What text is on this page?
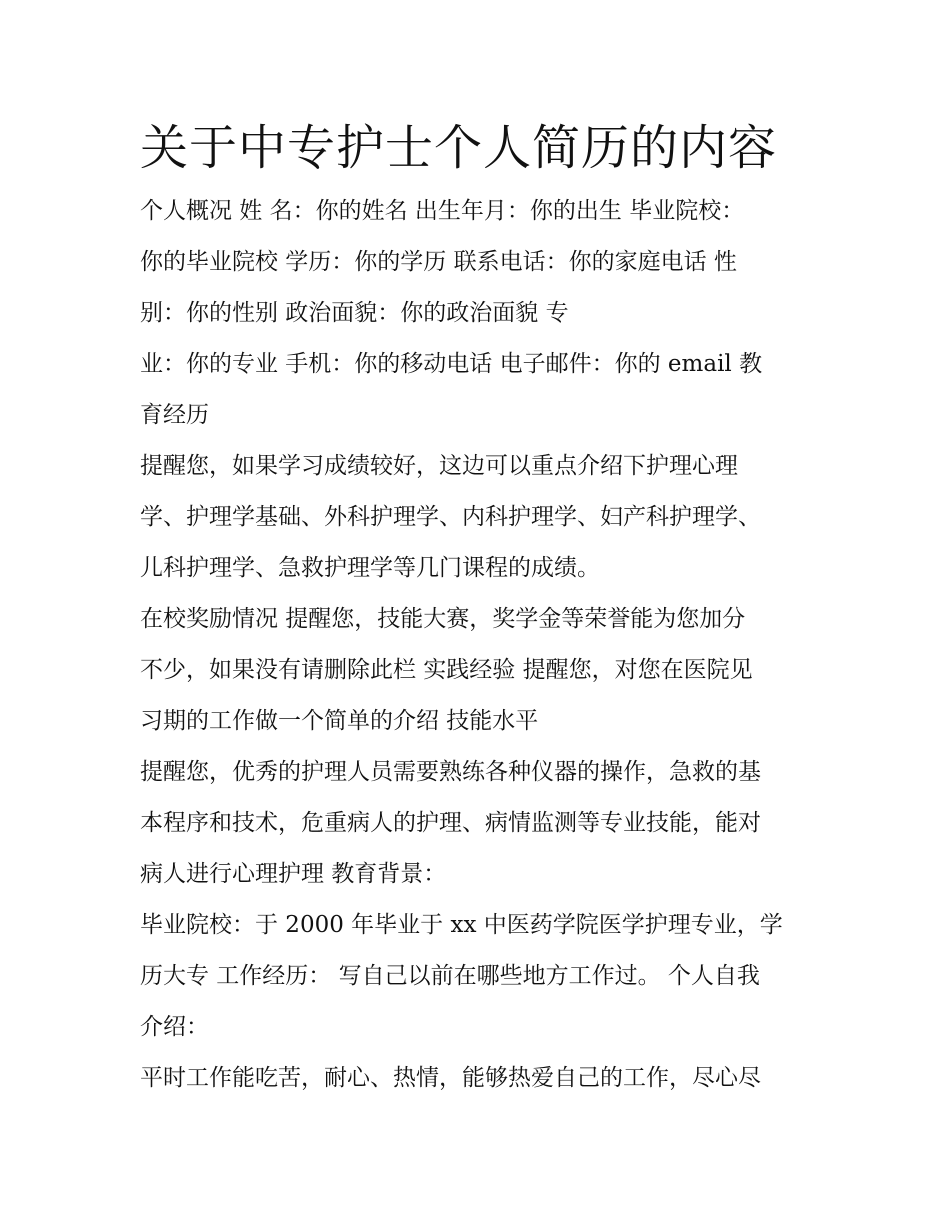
关于中专护士个人简历的内容
个人概况 姓 名：你的姓名 出生年月：你的出生 毕业院校：
你的毕业院校 学历：你的学历 联系电话：你的家庭电话 性
别：你的性别 政治面貌：你的政治面貌 专
业：你的专业 手机：你的移动电话 电子邮件：你的 email 教
育经历
提醒您，如果学习成绩较好，这边可以重点介绍下护理心理
学、护理学基础、外科护理学、内科护理学、妇产科护理学、
儿科护理学、急救护理学等几门课程的成绩。
在校奖励情况 提醒您，技能大赛，奖学金等荣誉能为您加分
不少，如果没有请删除此栏 实践经验 提醒您，对您在医院见
习期的工作做一个简单的介绍 技能水平
提醒您，优秀的护理人员需要熟练各种仪器的操作，急救的基
本程序和技术，危重病人的护理、病情监测等专业技能，能对
病人进行心理护理 教育背景：
毕业院校：于 2000 年毕业于 xx 中医药学院医学护理专业，学
历大专 工作经历： 写自己以前在哪些地方工作过。 个人自我
介绍：
平时工作能吃苦，耐心、热情，能够热爱自己的工作，尽心尽
